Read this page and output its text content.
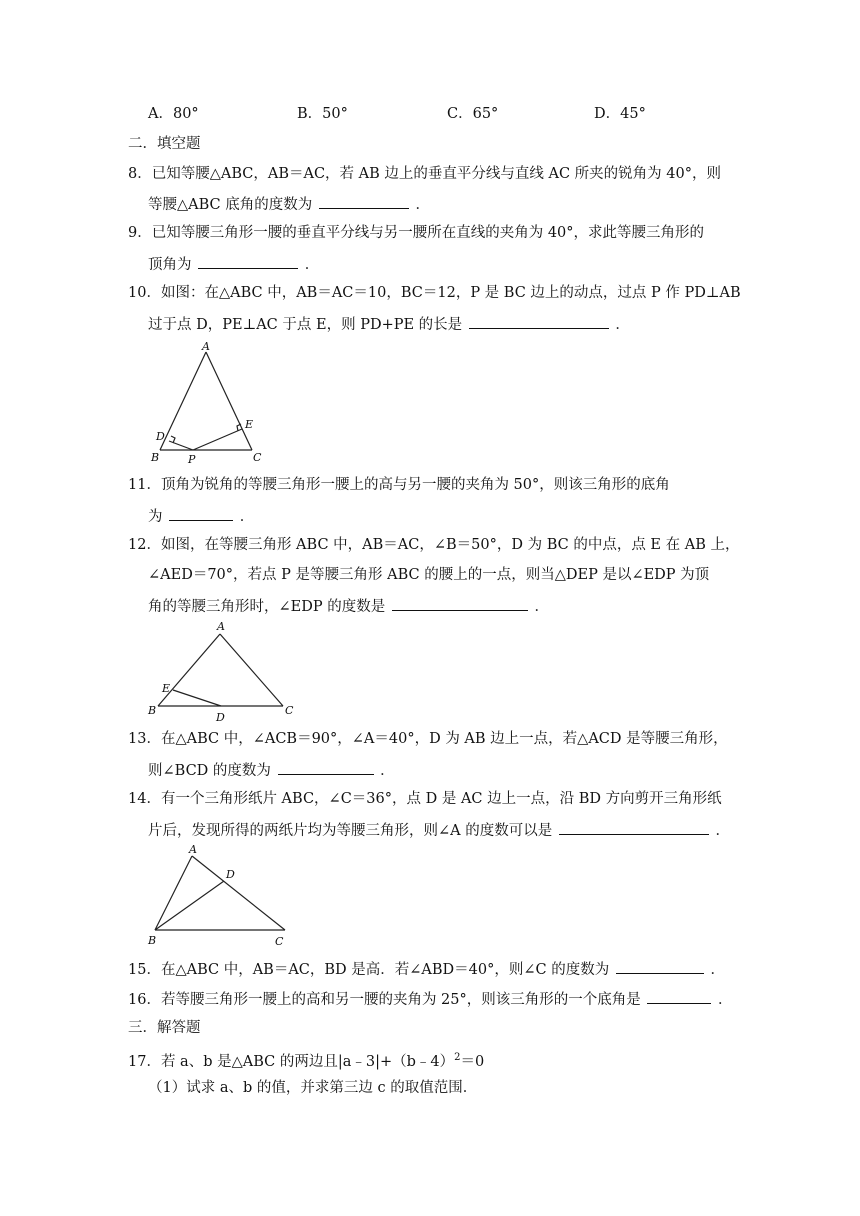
A．80°	B．50°	C．65°	D．45°
二．填空题
8．已知等腰△ABC，AB＝AC，若 AB 边上的垂直平分线与直线 AC 所夹的锐角为 40°，则
等腰△ABC 底角的度数为	．
9．已知等腰三角形一腰的垂直平分线与另一腰所在直线的夹角为 40°，求此等腰三角形的
顶角为	．
10．如图：在△ABC 中，AB＝AC＝10，BC＝12，P 是 BC 边上的动点，过点 P 作 PD⊥AB
过于点 D，PE⊥AC 于点 E，则 PD+PE 的长是	．
A
D
E
B	P	C
11．顶角为锐角的等腰三角形一腰上的高与另一腰的夹角为 50°，则该三角形的底角
为	．
12．如图，在等腰三角形 ABC 中，AB＝AC，∠B＝50°，D 为 BC 的中点，点 E 在 AB 上，
∠AED＝70°，若点 P 是等腰三角形 ABC 的腰上的一点，则当△DEP 是以∠EDP 为顶
角的等腰三角形时，∠EDP 的度数是	．
A
E
B
D
C
13．在△ABC 中，∠ACB＝90°，∠A＝40°，D 为 AB 边上一点，若△ACD 是等腰三角形，
则∠BCD 的度数为	．
14．有一个三角形纸片 ABC，∠C＝36°，点 D 是 AC 边上一点，沿 BD 方向剪开三角形纸
片后，发现所得的两纸片均为等腰三角形，则∠A 的度数可以是	．
A
D
B	C
15．在△ABC 中，AB＝AC，BD 是高．若∠ABD＝40°，则∠C 的度数为	．
16．若等腰三角形一腰上的高和另一腰的夹角为 25°，则该三角形的一个底角是	．
三．解答题
17．若 a、b 是△ABC 的两边且|a﹣3|+（b﹣4）$^2$＝0
（1）试求 a、b 的值，并求第三边 c 的取值范围．
